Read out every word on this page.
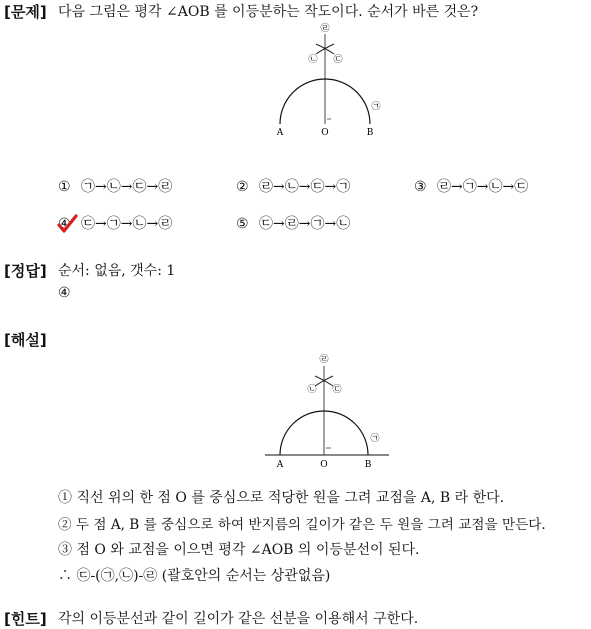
[문제] 다음 그림은 평각 ∠AOB 를 이등분하는 작도이다. 순서가 바른 것은?
㉣
㉡ ㉢
㉠
A	O	B
① ㉠→㉡→㉢→㉣	② ㉣→㉡→㉢→㉠	③ ㉣→㉠→㉡→㉢
④ ㉢→㉠→㉡→㉣	⑤ ㉢→㉣→㉠→㉡
[정답] 순서: 없음, 갯수: 1
④
[해설]
㉣
㉡ ㉢
㉠
A	O	B
① 직선 위의 한 점 O 를 중심으로 적당한 원을 그려 교점을 A, B 라 한다.
② 두 점 A, B 를 중심으로 하여 반지름의 길이가 같은 두 원을 그려 교점을 만든다.
③ 점 O 와 교점을 이으면 평각 ∠AOB 의 이등분선이 된다.
∴ ㉢-(㉠,㉡)-㉣ (괄호안의 순서는 상관없음)
[힌트] 각의 이등분선과 같이 길이가 같은 선분을 이용해서 구한다.
